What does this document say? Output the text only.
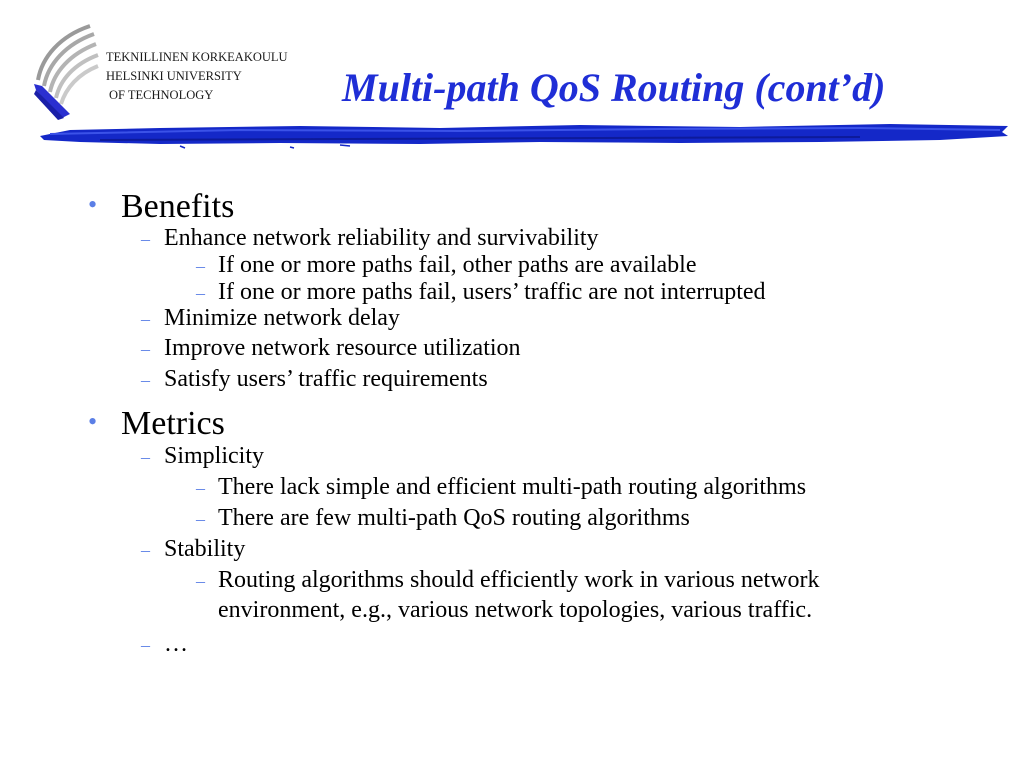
TEKNILLINEN KORKEAKOULU
HELSINKI UNIVERSITY
OF TECHNOLOGY	Multi-path QoS Routing (cont’d)
• Benefits
– Enhance network reliability and survivability
– If one or more paths fail, other paths are available
– If one or more paths fail, users’ traffic are not interrupted
– Minimize network delay
– Improve network resource utilization
– Satisfy users’ traffic requirements
• Metrics
– Simplicity
– There lack simple and efficient multi-path routing algorithms
– There are few multi-path QoS routing algorithms
– Stability
– Routing algorithms should efficiently work in various network
environment, e.g., various network topologies, various traffic.
– …
